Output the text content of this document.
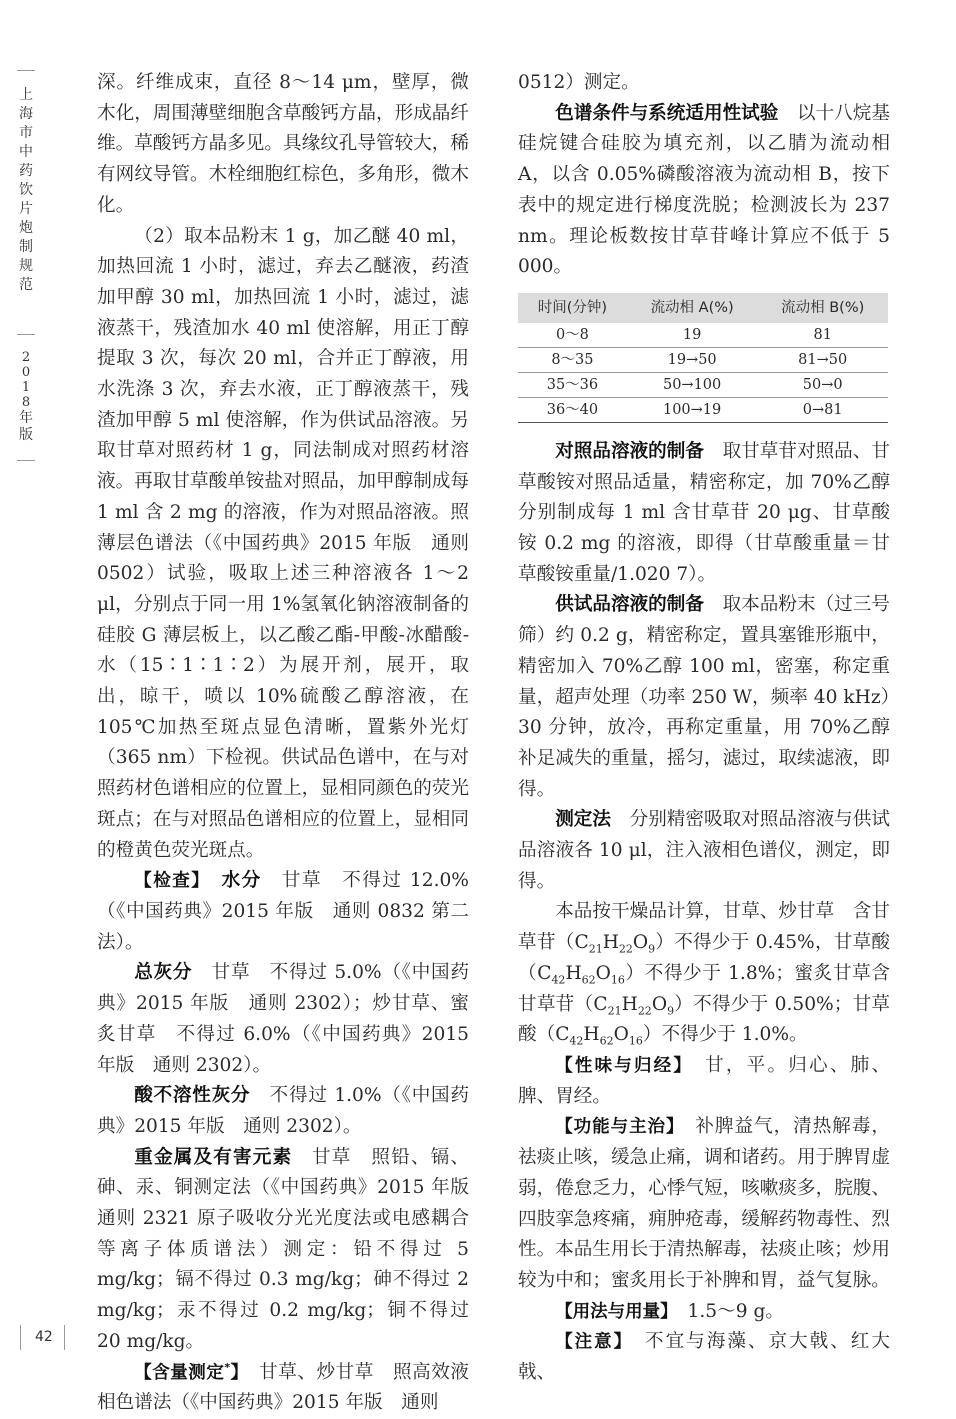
上
海
市
中
药
饮
片
炮
制
规
范
2
0
1
8
年
版

深。纤维成束，直径 8～14 μm，壁厚，微木化，周围薄壁细胞含草酸钙方晶，形成晶纤维。草酸钙方晶多见。具缘纹孔导管较大，稀有网纹导管。木栓细胞红棕色，多角形，微木化。

（2）取本品粉末 1 g，加乙醚 40 ml，加热回流 1 小时，滤过，弃去乙醚液，药渣加甲醇 30 ml，加热回流 1 小时，滤过，滤液蒸干，残渣加水 40 ml 使溶解，用正丁醇提取 3 次，每次 20 ml，合并正丁醇液，用水洗涤 3 次，弃去水液，正丁醇液蒸干，残渣加甲醇 5 ml 使溶解，作为供试品溶液。另取甘草对照药材 1 g，同法制成对照药材溶液。再取甘草酸单铵盐对照品，加甲醇制成每 1 ml 含 2 mg 的溶液，作为对照品溶液。照薄层色谱法（《中国药典》2015 年版　通则 0502）试验，吸取上述三种溶液各 1～2 μl，分别点于同一用 1%氢氧化钠溶液制备的硅胶 G 薄层板上，以乙酸乙酯-甲酸-冰醋酸-水（15∶1∶1∶2）为展开剂，展开，取出，晾干，喷以 10%硫酸乙醇溶液，在 105℃加热至斑点显色清晰，置紫外光灯（365 nm）下检视。供试品色谱中，在与对照药材色谱相应的位置上，显相同颜色的荧光斑点；在与对照品色谱相应的位置上，显相同的橙黄色荧光斑点。

【检查】　 水分　 甘草　不得过 12.0%（《中国药典》2015 年版　通则 0832 第二法）。

总灰分　 甘草　不得过 5.0%（《中国药典》2015 年版　通则 2302）；炒甘草、蜜炙甘草　不得过 6.0%（《中国药典》2015 年版　通则 2302）。

酸不溶性灰分　 不得过 1.0%（《中国药典》2015 年版　通则 2302）。

重金属及有害元素　 甘草　照铅、镉、砷、汞、铜测定法（《中国药典》2015 年版　通则 2321 原子吸收分光光度法或电感耦合等离子体质谱法）测定：铅不得过 5 mg/kg；镉不得过 0.3 mg/kg；砷不得过 2 mg/kg；汞不得过 0.2 mg/kg；铜不得过 20 mg/kg。

【含量测定*】　 甘草、炒甘草　照高效液相色谱法（《中国药典》2015 年版　通则

0512）测定。

色谱条件与系统适用性试验　 以十八烷基硅烷键合硅胶为填充剂，以乙腈为流动相 A，以含 0.05%磷酸溶液为流动相 B，按下表中的规定进行梯度洗脱；检测波长为 237 nm。理论板数按甘草苷峰计算应不低于 5 000。

时间(分钟)	流动相 A(%)	流动相 B(%)
0～8	19	81
8～35	19→50	81→50
35～36	50→100	50→0
36～40	100→19	0→81

对照品溶液的制备　 取甘草苷对照品、甘草酸铵对照品适量，精密称定，加 70%乙醇分别制成每 1 ml 含甘草苷 20 μg、甘草酸铵 0.2 mg 的溶液，即得（甘草酸重量＝甘草酸铵重量/1.020 7）。

供试品溶液的制备　 取本品粉末（过三号筛）约 0.2 g，精密称定，置具塞锥形瓶中，精密加入 70%乙醇 100 ml，密塞，称定重量，超声处理（功率 250 W，频率 40 kHz）30 分钟，放冷，再称定重量，用 70%乙醇补足减失的重量，摇匀，滤过，取续滤液，即得。

测定法　 分别精密吸取对照品溶液与供试品溶液各 10 μl，注入液相色谱仪，测定，即得。

本品按干燥品计算，甘草、炒甘草　含甘草苷$(C_{21}H_{22}O_9)$不得少于 0.45%，甘草酸$(C_{42}H_{62}O_{16})$不得少于 1.8%；蜜炙甘草含甘草苷$(C_{21}H_{22}O_9)$不得少于 0.50%；甘草酸$(C_{42}H_{62}O_{16})$不得少于 1.0%。

【性味与归经】　 甘，平。归心、肺、脾、胃经。

【功能与主治】　 补脾益气，清热解毒，祛痰止咳，缓急止痛，调和诸药。用于脾胃虚弱，倦怠乏力，心悸气短，咳嗽痰多，脘腹、四肢挛急疼痛，痈肿疮毒，缓解药物毒性、烈性。本品生用长于清热解毒，祛痰止咳；炒用较为中和；蜜炙用长于补脾和胃，益气复脉。

【用法与用量】　 1.5～9 g。

【注意】　 不宜与海藻、京大戟、红大戟、

42
